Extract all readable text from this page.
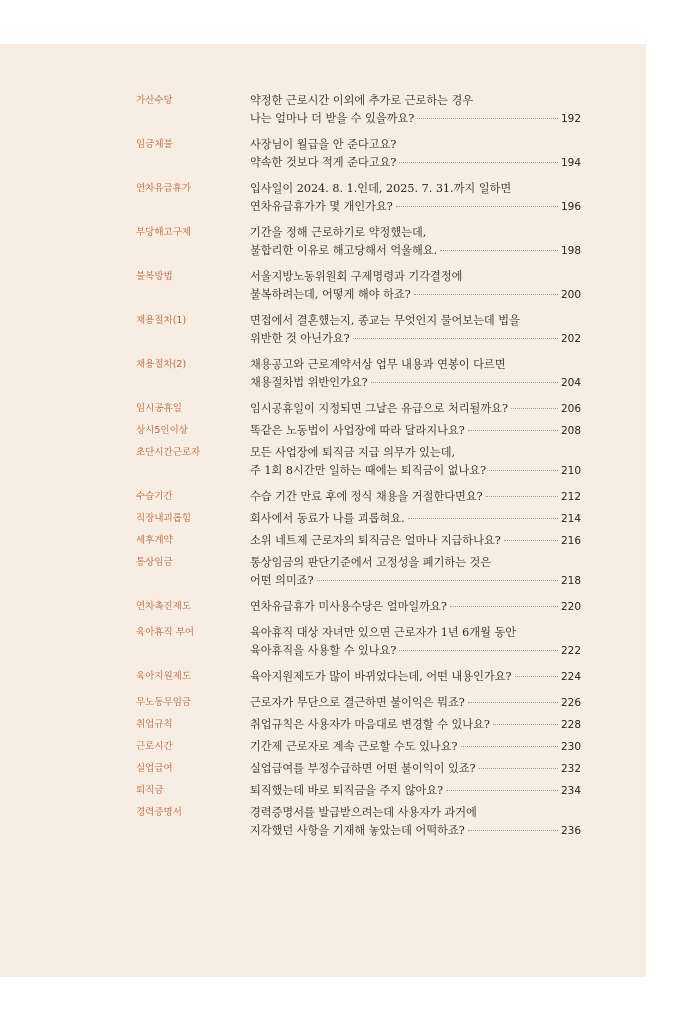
가산수당	약정한 근로시간 이외에 추가로 근로하는 경우
나는 얼마나 더 받을 수 있을까요?	192
임금체불	사장님이 월급을 안 준다고요?
약속한 것보다 적게 준다고요?	194
연차유급휴가	입사일이 2024. 8. 1.인데, 2025. 7. 31.까지 일하면
연차유급휴가가 몇 개인가요?	196
부당해고구제	기간을 정해 근로하기로 약정했는데,
불합리한 이유로 해고당해서 억울해요.	198
불복방법	서울지방노동위원회 구제명령과 기각결정에
불복하려는데, 어떻게 해야 하죠?	200
채용절차(1)	면접에서 결혼했는지, 종교는 무엇인지 물어보는데 법을
위반한 것 아닌가요?	202
채용절차(2)	채용공고와 근로계약서상 업무 내용과 연봉이 다르면
채용절차법 위반인가요?	204
임시공휴일	임시공휴일이 지정되면 그날은 유급으로 처리될까요?	206
상시5인이상	똑같은 노동법이 사업장에 따라 달라지나요?	208
초단시간근로자	모든 사업장에 퇴직금 지급 의무가 있는데,
주 1회 8시간만 일하는 때에는 퇴직금이 없나요?	210
수습기간	수습 기간 만료 후에 정식 채용을 거절한다면요?	212
직장내괴롭힘	회사에서 동료가 나를 괴롭혀요.	214
세후계약	소위 네트제 근로자의 퇴직금은 얼마나 지급하나요?	216
통상임금	통상임금의 판단기준에서 고정성을 폐기하는 것은
어떤 의미죠?	218
연차촉진제도	연차유급휴가 미사용수당은 얼마일까요?	220
육아휴직 부여	육아휴직 대상 자녀만 있으면 근로자가 1년 6개월 동안
육아휴직을 사용할 수 있나요?	222
육아지원제도	육아지원제도가 많이 바뀌었다는데, 어떤 내용인가요?	224
무노동무임금	근로자가 무단으로 결근하면 불이익은 뭐죠?	226
취업규칙	취업규칙은 사용자가 마음대로 변경할 수 있나요?	228
근로시간	기간제 근로자로 계속 근로할 수도 있나요?	230
실업급여	실업급여를 부정수급하면 어떤 불이익이 있죠?	232
퇴직금	퇴직했는데 바로 퇴직금을 주지 않아요?	234
경력증명서	경력증명서를 발급받으려는데 사용자가 과거에
지각했던 사항을 기재해 놓았는데 어떡하죠?	236
